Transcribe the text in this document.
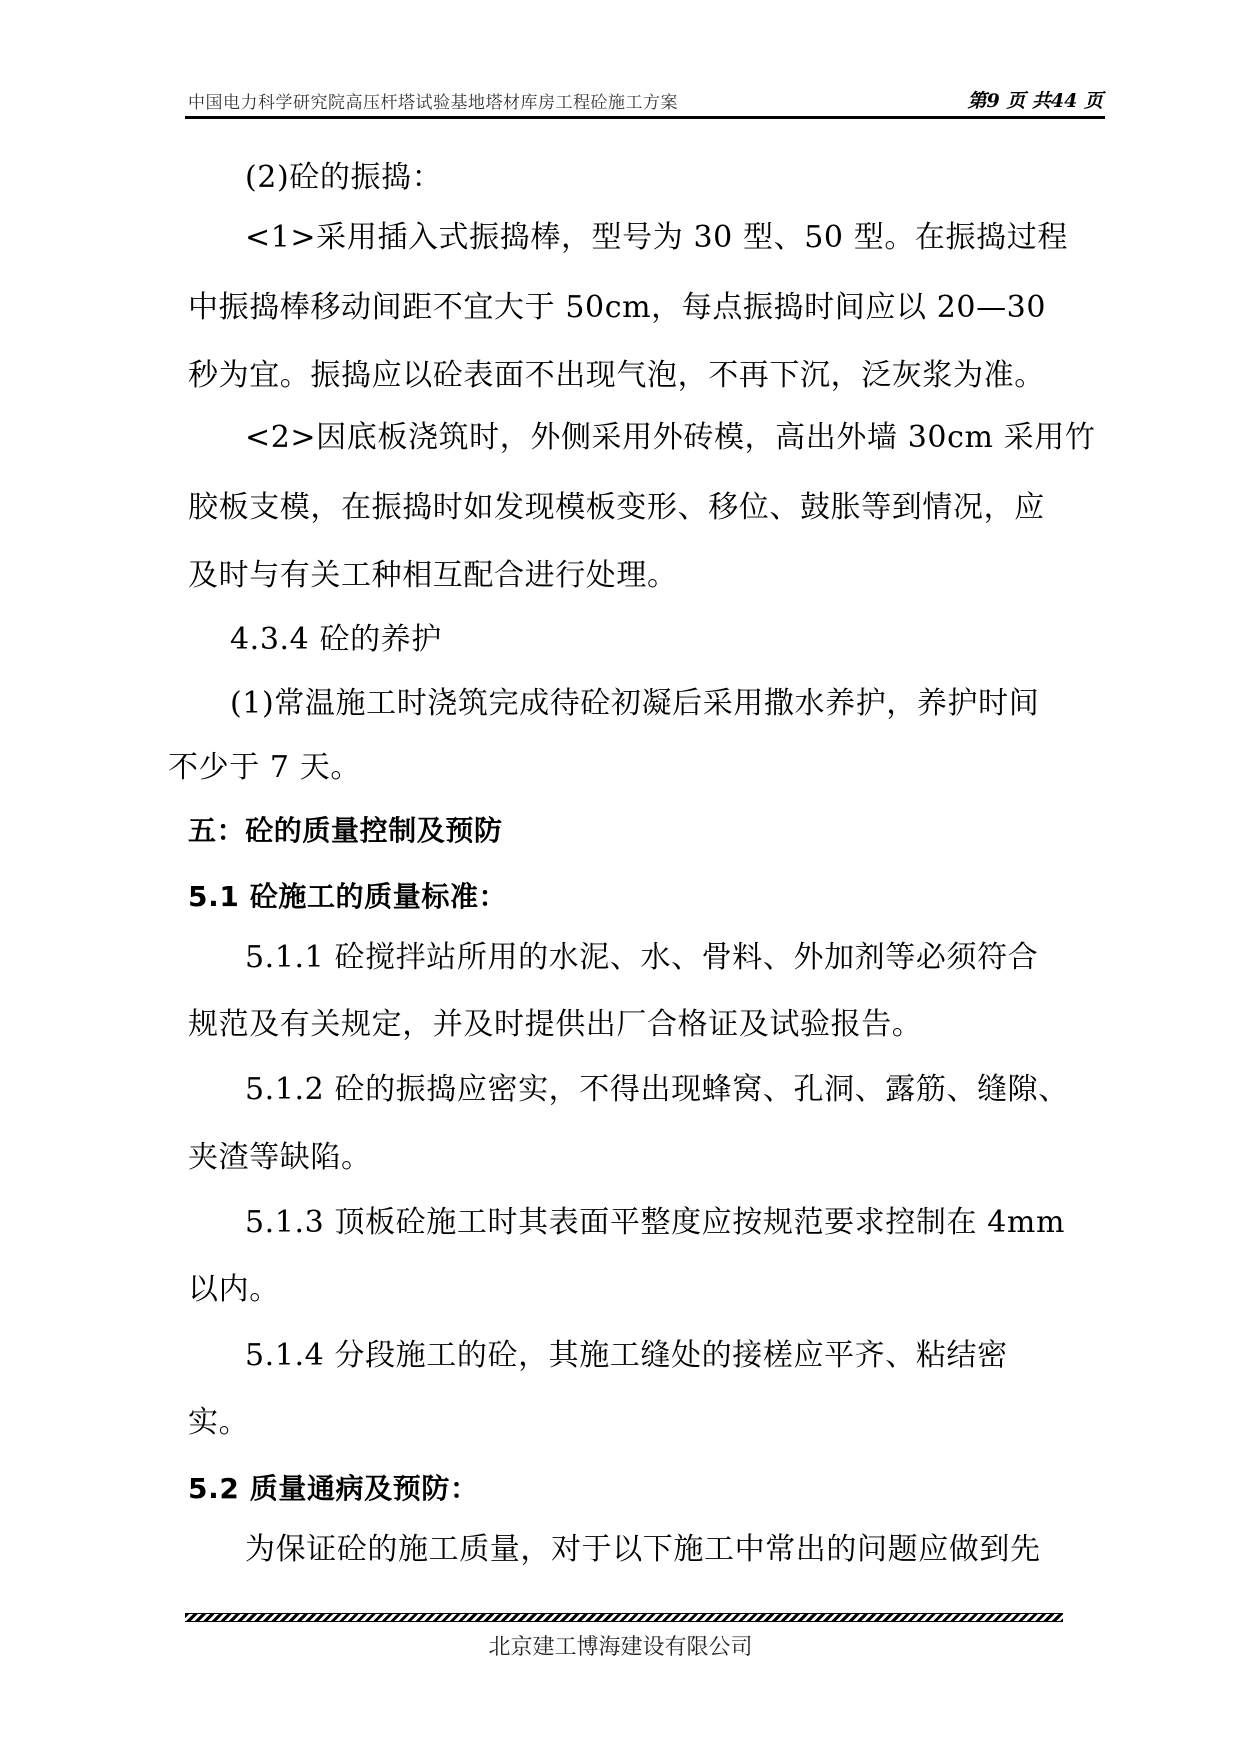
中国电力科学研究院高压杆塔试验基地塔材库房工程砼施工方案	第9 页 共44 页
(2)砼的振捣：
<1>采用插入式振捣棒，型号为 30 型、50 型。在振捣过程
中振捣棒移动间距不宜大于 50cm，每点振捣时间应以 20—30
秒为宜。振捣应以砼表面不出现气泡，不再下沉，泛灰浆为准。
<2>因底板浇筑时，外侧采用外砖模，高出外墙 30cm 采用竹
胶板支模，在振捣时如发现模板变形、移位、鼓胀等到情况，应
及时与有关工种相互配合进行处理。
4.3.4 砼的养护
(1)常温施工时浇筑完成待砼初凝后采用撒水养护，养护时间
不少于 7 天。
五：砼的质量控制及预防
5.1 砼施工的质量标准：
5.1.1 砼搅拌站所用的水泥、水、骨料、外加剂等必须符合
规范及有关规定，并及时提供出厂合格证及试验报告。
5.1.2 砼的振捣应密实，不得出现蜂窝、孔洞、露筋、缝隙、
夹渣等缺陷。
5.1.3 顶板砼施工时其表面平整度应按规范要求控制在 4mm
以内。
5.1.4 分段施工的砼，其施工缝处的接槎应平齐、粘结密
实。
5.2 质量通病及预防：
为保证砼的施工质量，对于以下施工中常出的问题应做到先
北京建工博海建设有限公司
